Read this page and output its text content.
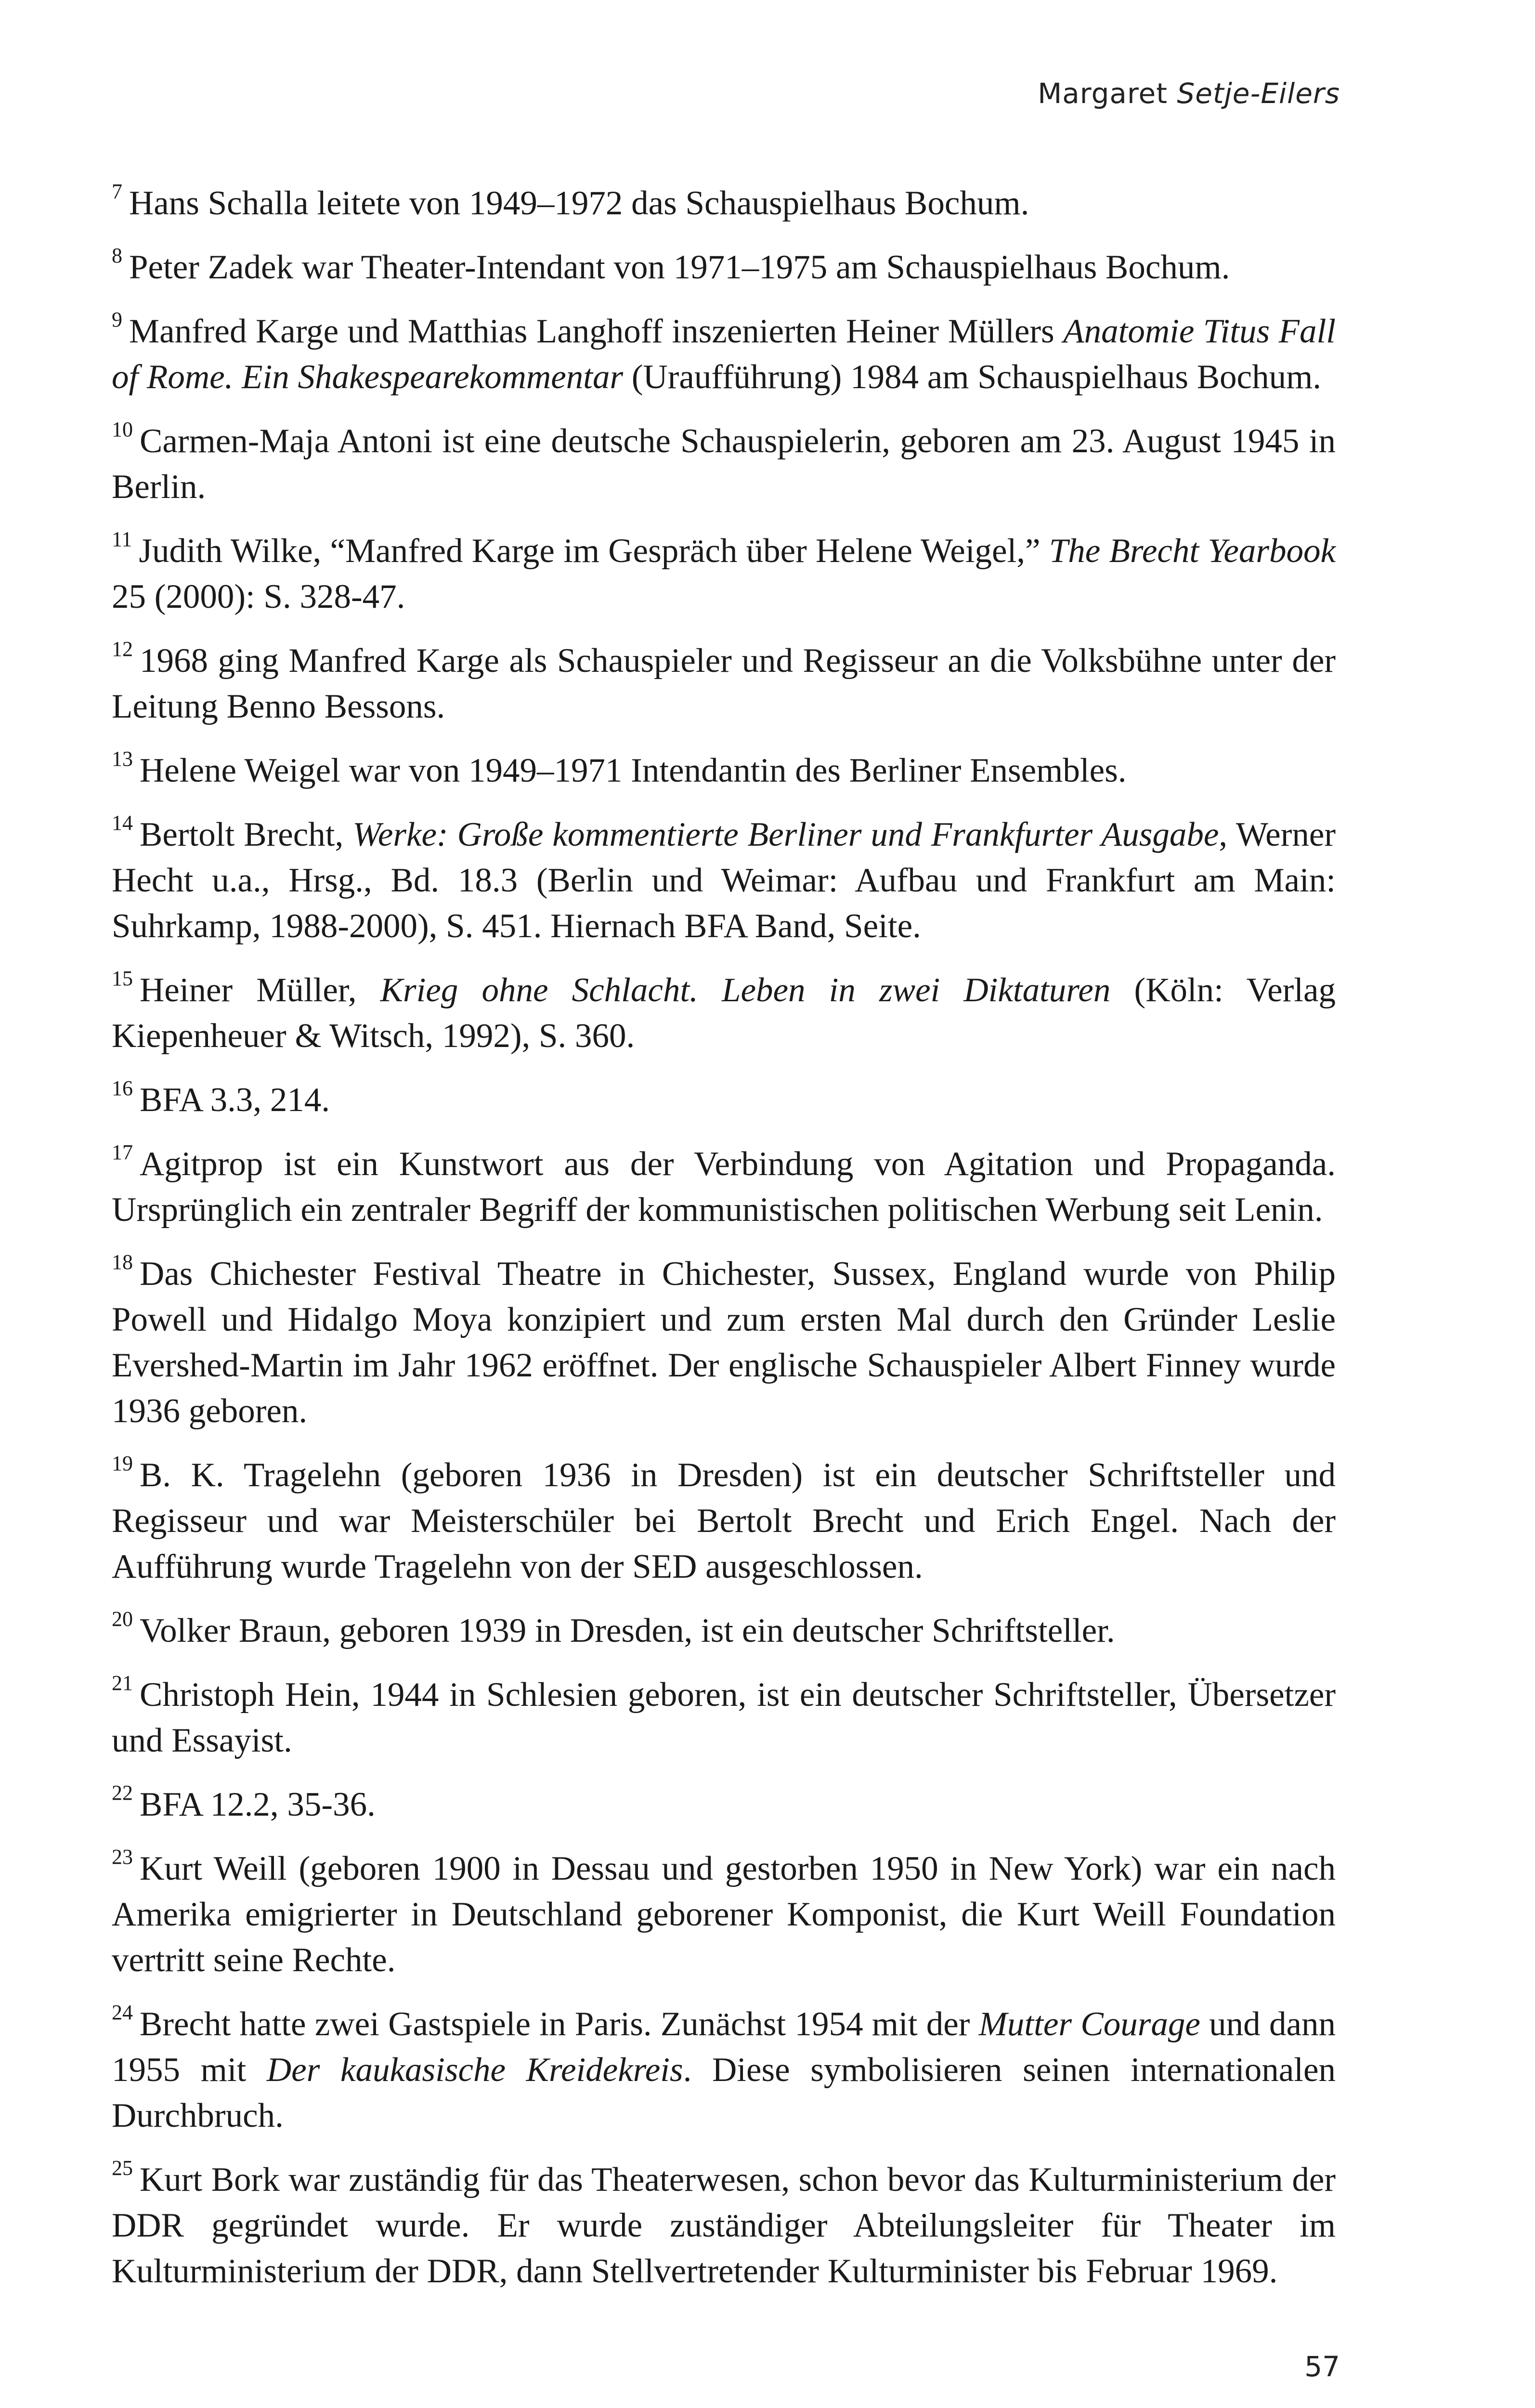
Margaret Setje-Eilers

$^7$ Hans Schalla leitete von 1949–1972 das Schauspielhaus Bochum.

$^8$ Peter Zadek war Theater-Intendant von 1971–1975 am Schauspielhaus Bochum.

$^9$ Manfred Karge und Matthias Langhoff inszenierten Heiner Müllers Anatomie Titus Fall of Rome. Ein Shakespearekommentar (Uraufführung) 1984 am Schauspielhaus Bochum.

$^{10}$ Carmen-Maja Antoni ist eine deutsche Schauspielerin, geboren am 23. August 1945 in Berlin.

$^{11}$ Judith Wilke, “Manfred Karge im Gespräch über Helene Weigel,” The Brecht Yearbook 25 (2000): S. 328-47.

$^{12}$ 1968 ging Manfred Karge als Schauspieler und Regisseur an die Volksbühne unter der Leitung Benno Bessons.

$^{13}$ Helene Weigel war von 1949–1971 Intendantin des Berliner Ensembles.

$^{14}$ Bertolt Brecht, Werke: Große kommentierte Berliner und Frankfurter Ausgabe, Werner Hecht u.a., Hrsg., Bd. 18.3 (Berlin und Weimar: Aufbau und Frankfurt am Main: Suhrkamp, 1988-2000), S. 451. Hiernach BFA Band, Seite.

$^{15}$ Heiner Müller, Krieg ohne Schlacht. Leben in zwei Diktaturen (Köln: Verlag Kiepenheuer & Witsch, 1992), S. 360.

$^{16}$ BFA 3.3, 214.

$^{17}$ Agitprop ist ein Kunstwort aus der Verbindung von Agitation und Propaganda. Ursprünglich ein zentraler Begriff der kommunistischen politischen Werbung seit Lenin.

$^{18}$ Das Chichester Festival Theatre in Chichester, Sussex, England wurde von Philip Powell und Hidalgo Moya konzipiert und zum ersten Mal durch den Gründer Leslie Evershed-Martin im Jahr 1962 eröffnet. Der englische Schauspieler Albert Finney wurde 1936 geboren.

$^{19}$ B. K. Tragelehn (geboren 1936 in Dresden) ist ein deutscher Schriftsteller und Regisseur und war Meisterschüler bei Bertolt Brecht und Erich Engel. Nach der Aufführung wurde Tragelehn von der SED ausgeschlossen.

$^{20}$ Volker Braun, geboren 1939 in Dresden, ist ein deutscher Schriftsteller.

$^{21}$ Christoph Hein, 1944 in Schlesien geboren, ist ein deutscher Schriftsteller, Übersetzer und Essayist.

$^{22}$ BFA 12.2, 35-36.

$^{23}$ Kurt Weill (geboren 1900 in Dessau und gestorben 1950 in New York) war ein nach Amerika emigrierter in Deutschland geborener Komponist, die Kurt Weill Foundation vertritt seine Rechte.

$^{24}$ Brecht hatte zwei Gastspiele in Paris. Zunächst 1954 mit der Mutter Courage und dann 1955 mit Der kaukasische Kreidekreis. Diese symbolisieren seinen internationalen Durchbruch.

$^{25}$ Kurt Bork war zuständig für das Theaterwesen, schon bevor das Kulturministerium der DDR gegründet wurde. Er wurde zuständiger Abteilungsleiter für Theater im Kulturministerium der DDR, dann Stellvertretender Kulturminister bis Februar 1969.

57
